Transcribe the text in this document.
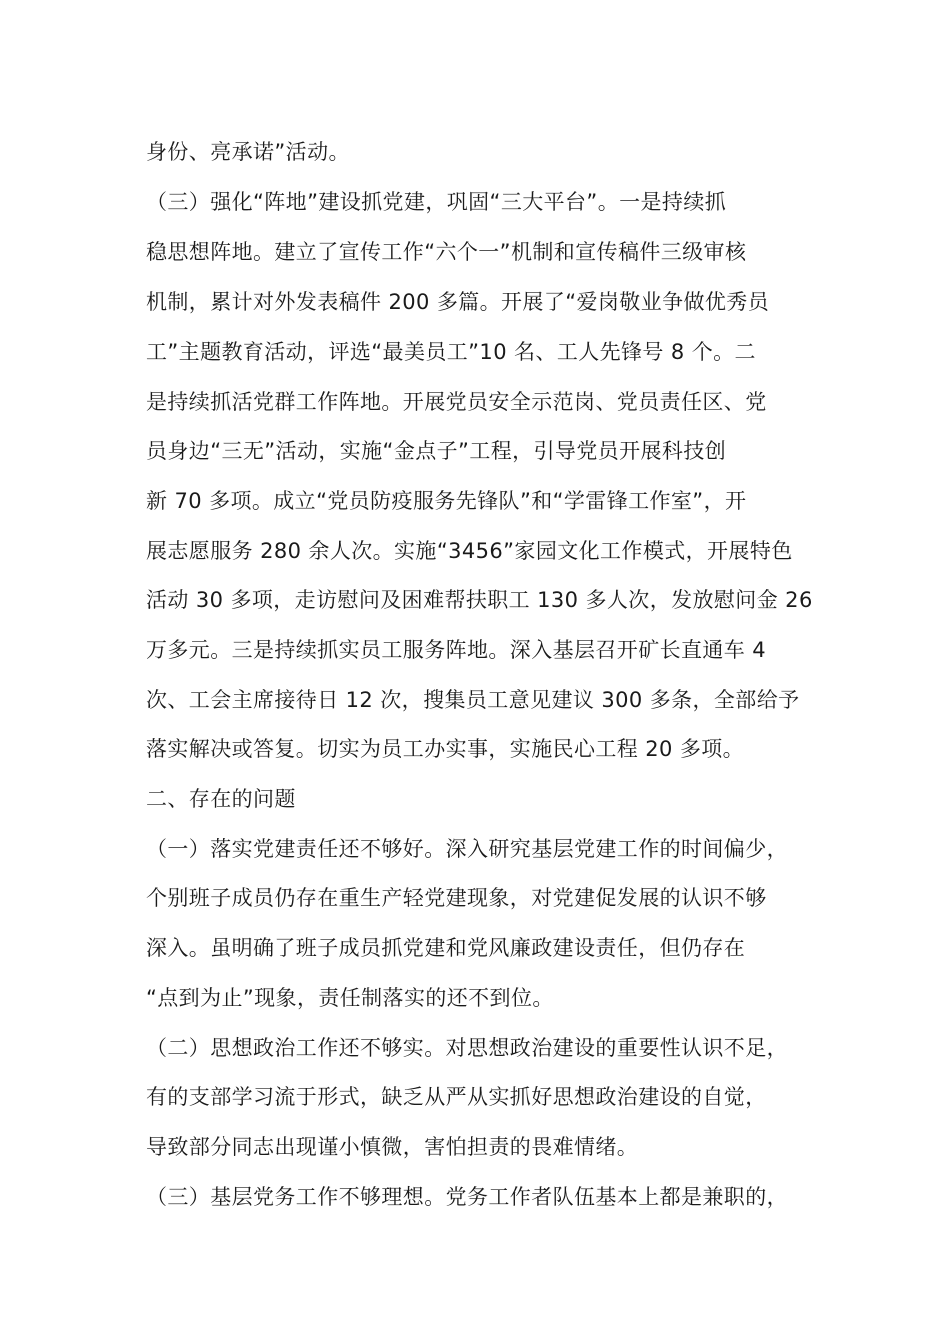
身份、亮承诺”活动。
（三）强化“阵地”建设抓党建，巩固“三大平台”。一是持续抓
稳思想阵地。建立了宣传工作“六个一”机制和宣传稿件三级审核
机制，累计对外发表稿件 200 多篇。开展了“爱岗敬业争做优秀员
工”主题教育活动，评选“最美员工”10 名、工人先锋号 8 个。二
是持续抓活党群工作阵地。开展党员安全示范岗、党员责任区、党
员身边“三无”活动，实施“金点子”工程，引导党员开展科技创
新 70 多项。成立“党员防疫服务先锋队”和“学雷锋工作室”，开
展志愿服务 280 余人次。实施“3456”家园文化工作模式，开展特色
活动 30 多项，走访慰问及困难帮扶职工 130 多人次，发放慰问金 26
万多元。三是持续抓实员工服务阵地。深入基层召开矿长直通车 4
次、工会主席接待日 12 次，搜集员工意见建议 300 多条，全部给予
落实解决或答复。切实为员工办实事，实施民心工程 20 多项。
二、存在的问题
（一）落实党建责任还不够好。深入研究基层党建工作的时间偏少，
个别班子成员仍存在重生产轻党建现象，对党建促发展的认识不够
深入。虽明确了班子成员抓党建和党风廉政建设责任，但仍存在
“点到为止”现象，责任制落实的还不到位。
（二）思想政治工作还不够实。对思想政治建设的重要性认识不足，
有的支部学习流于形式，缺乏从严从实抓好思想政治建设的自觉，
导致部分同志出现谨小慎微，害怕担责的畏难情绪。
（三）基层党务工作不够理想。党务工作者队伍基本上都是兼职的，
